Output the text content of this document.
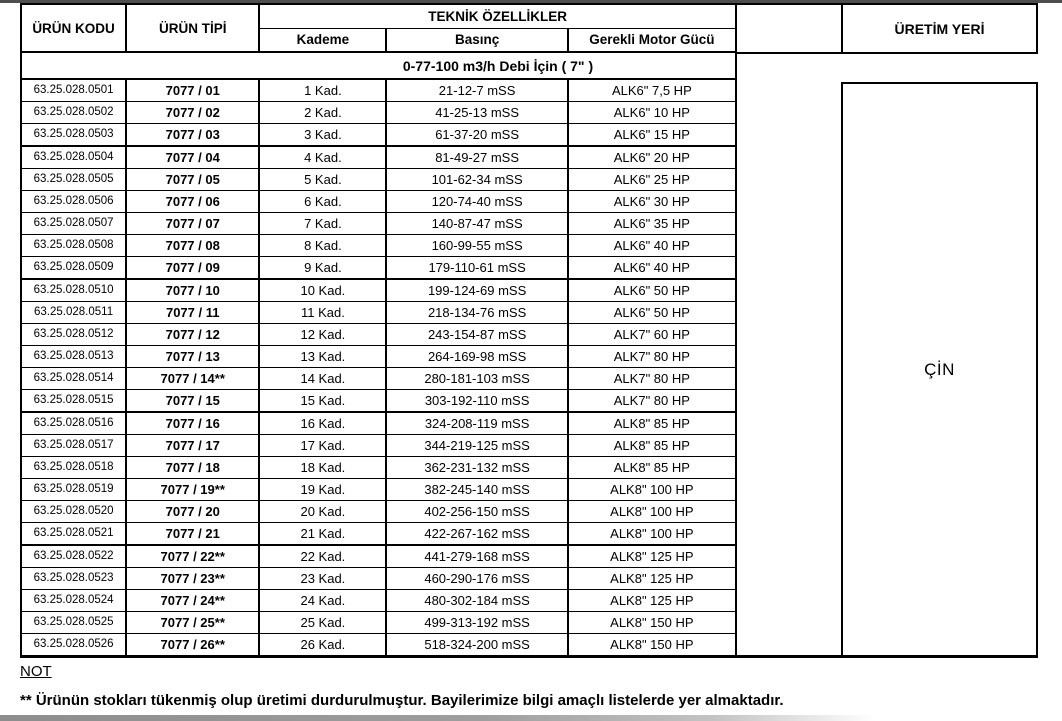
ÜRÜN KODU	ÜRÜN TİPİ	TEKNİK ÖZELLİKLER		
		Kademe	Basınç	Gerekli Motor Gücü

0-77-100 m3/h Debi İçin ( 7" )				

63.25.028.0501	7077 / 01	1 Kad.	21-12-7 mSS	ALK6" 7,5 HP
63.25.028.0502	7077 / 02	2 Kad.	41-25-13 mSS	ALK6" 10 HP
63.25.028.0503	7077 / 03	3 Kad.	61-37-20 mSS	ALK6" 15 HP
63.25.028.0504	7077 / 04	4 Kad.	81-49-27 mSS	ALK6" 20 HP
63.25.028.0505	7077 / 05	5 Kad.	101-62-34 mSS	ALK6" 25 HP
63.25.028.0506	7077 / 06	6 Kad.	120-74-40 mSS	ALK6" 30 HP
63.25.028.0507	7077 / 07	7 Kad.	140-87-47 mSS	ALK6" 35 HP
63.25.028.0508	7077 / 08	8 Kad.	160-99-55 mSS	ALK6" 40 HP
63.25.028.0509	7077 / 09	9 Kad.	179-110-61 mSS	ALK6" 40 HP
63.25.028.0510	7077 / 10	10 Kad.	199-124-69 mSS	ALK6" 50 HP
63.25.028.0511	7077 / 11	11 Kad.	218-134-76 mSS	ALK6" 50 HP
63.25.028.0512	7077 / 12	12 Kad.	243-154-87 mSS	ALK7" 60 HP
63.25.028.0513	7077 / 13	13 Kad.	264-169-98 mSS	ALK7" 80 HP
63.25.028.0514	7077 / 14**	14 Kad.	280-181-103 mSS	ALK7" 80 HP
63.25.028.0515	7077 / 15	15 Kad.	303-192-110 mSS	ALK7" 80 HP
63.25.028.0516	7077 / 16	16 Kad.	324-208-119 mSS	ALK8" 85 HP
63.25.028.0517	7077 / 17	17 Kad.	344-219-125 mSS	ALK8" 85 HP
63.25.028.0518	7077 / 18	18 Kad.	362-231-132 mSS	ALK8" 85 HP
63.25.028.0519	7077 / 19**	19 Kad.	382-245-140 mSS	ALK8" 100 HP
63.25.028.0520	7077 / 20	20 Kad.	402-256-150 mSS	ALK8" 100 HP
63.25.028.0521	7077 / 21	21 Kad.	422-267-162 mSS	ALK8" 100 HP
63.25.028.0522	7077 / 22**	22 Kad.	441-279-168 mSS	ALK8" 125 HP
63.25.028.0523	7077 / 23**	23 Kad.	460-290-176 mSS	ALK8" 125 HP
63.25.028.0524	7077 / 24**	24 Kad.	480-302-184 mSS	ALK8" 125 HP
63.25.028.0525	7077 / 25**	25 Kad.	499-313-192 mSS	ALK8" 150 HP
63.25.028.0526	7077 / 26**	26 Kad.	518-324-200 mSS	ALK8" 150 HP
ÜRETİM YERİ
ÇİN
NOT
** Ürünün stokları tükenmiş olup üretimi durdurulmuştur. Bayilerimize bilgi amaçlı listelerde yer almaktadır.
